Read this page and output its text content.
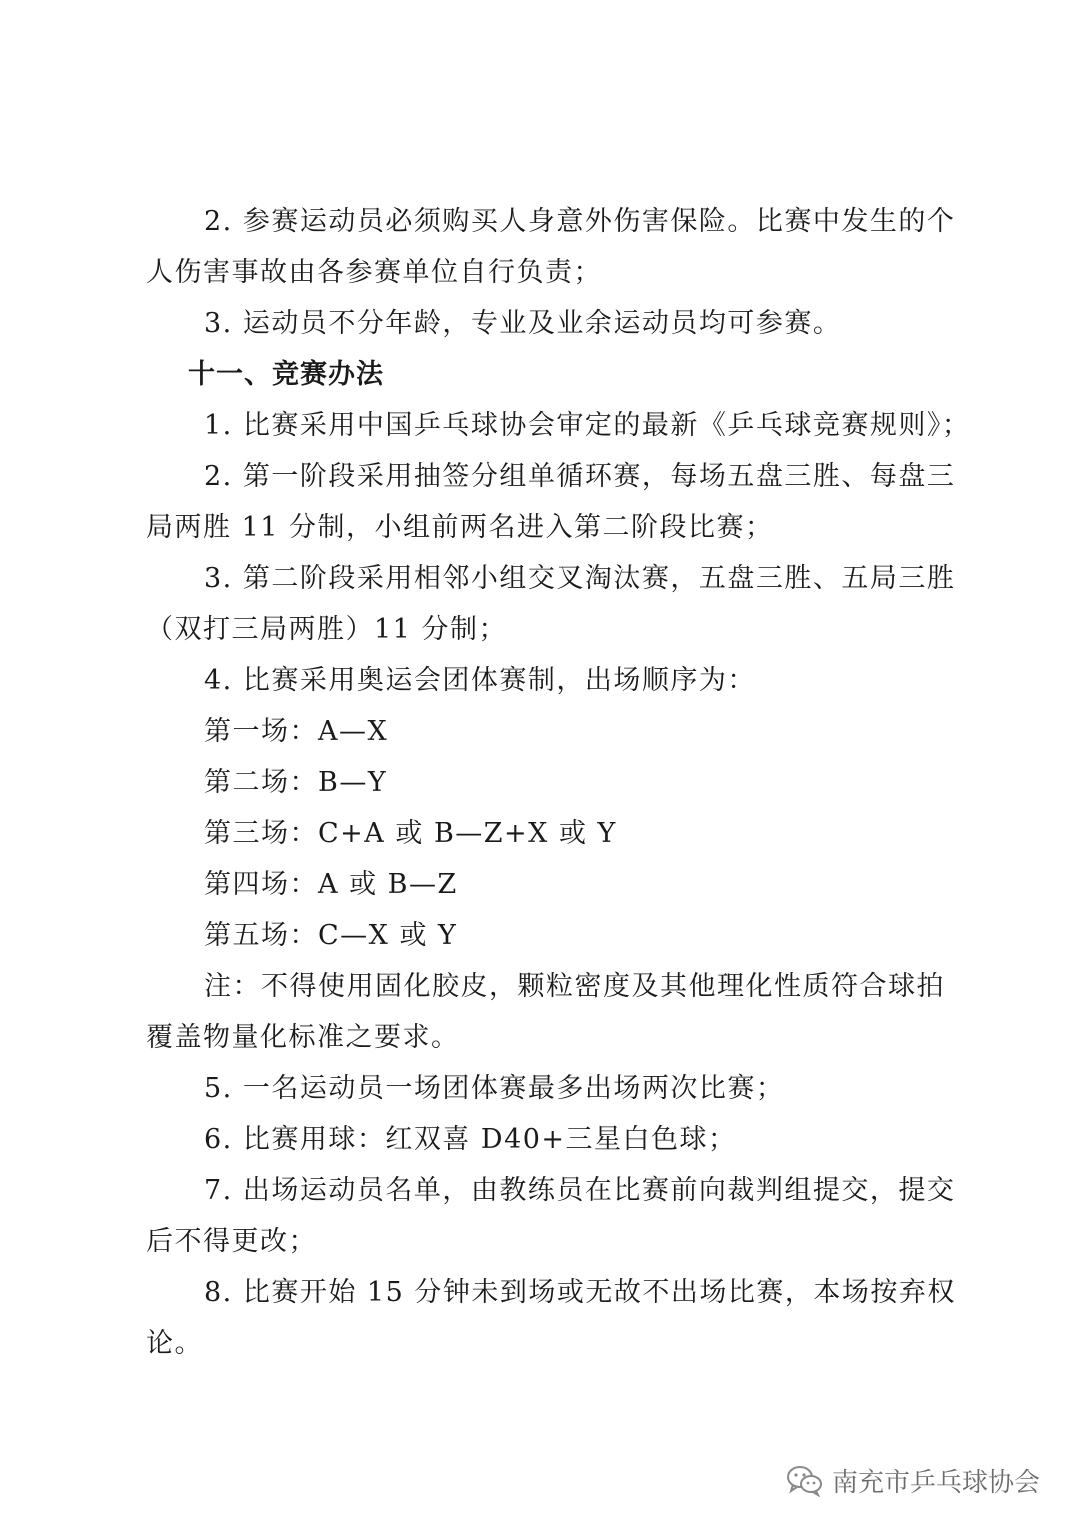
2. 参赛运动员必须购买人身意外伤害保险。比赛中发生的个
人伤害事故由各参赛单位自行负责；
3. 运动员不分年龄，专业及业余运动员均可参赛。
十一、竞赛办法
1. 比赛采用中国乒乓球协会审定的最新《乒乓球竞赛规则》；
2. 第一阶段采用抽签分组单循环赛，每场五盘三胜、每盘三
局两胜 11 分制，小组前两名进入第二阶段比赛；
3. 第二阶段采用相邻小组交叉淘汰赛，五盘三胜、五局三胜
（双打三局两胜）11 分制；
4. 比赛采用奥运会团体赛制，出场顺序为：
第一场：A—X
第二场：B—Y
第三场：C+A 或 B—Z+X 或 Y
第四场：A 或 B—Z
第五场：C—X 或 Y
注：不得使用固化胶皮，颗粒密度及其他理化性质符合球拍
覆盖物量化标准之要求。
5. 一名运动员一场团体赛最多出场两次比赛；
6. 比赛用球：红双喜 D40+三星白色球；
7. 出场运动员名单，由教练员在比赛前向裁判组提交，提交
后不得更改；
8. 比赛开始 15 分钟未到场或无故不出场比赛，本场按弃权
论。
南充市乒乓球协会
